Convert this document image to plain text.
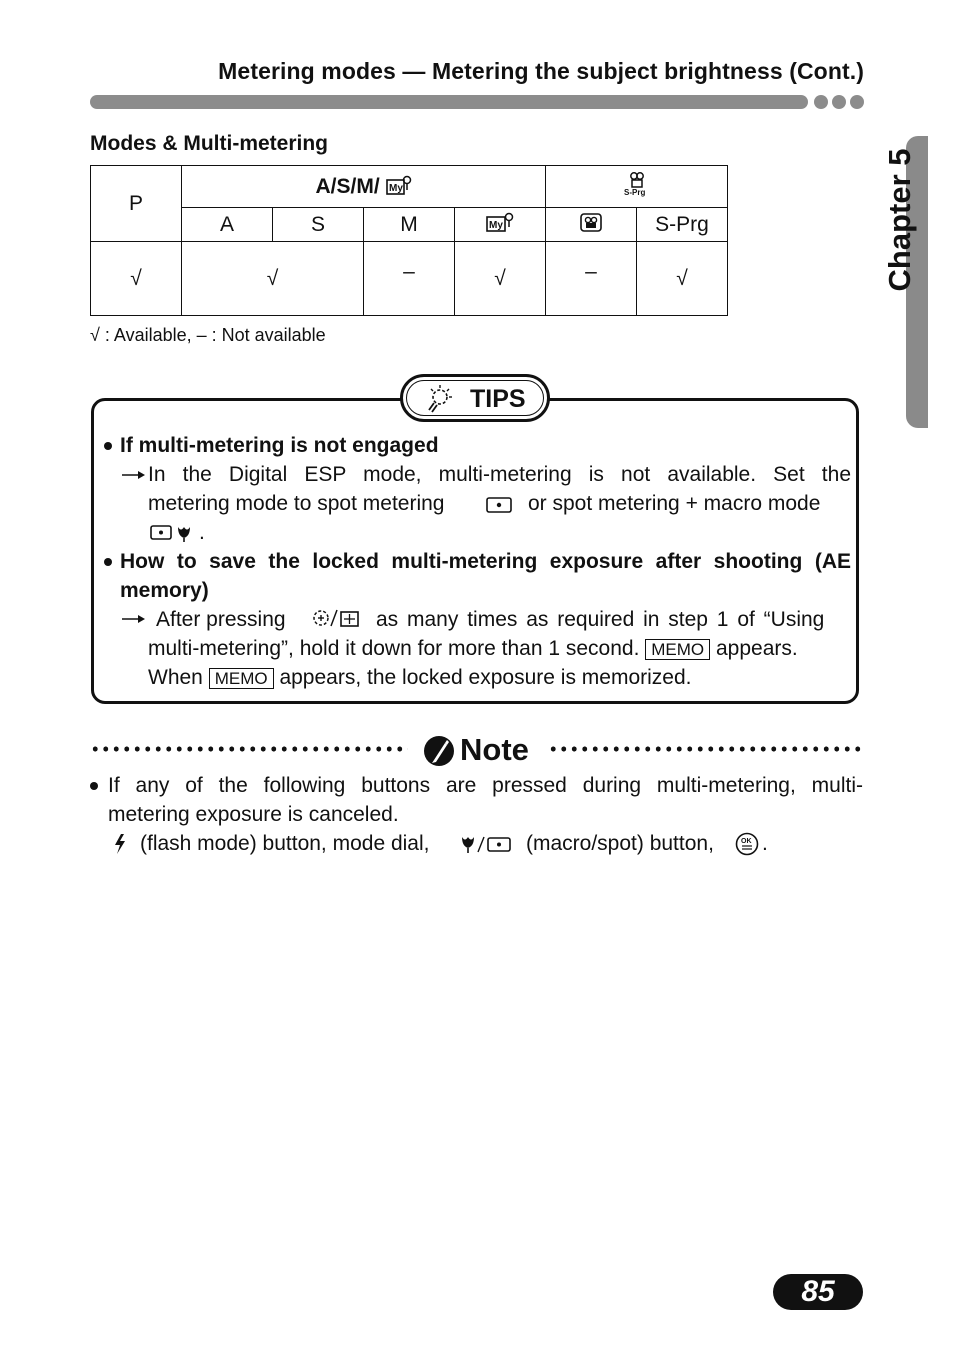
Metering modes — Metering the subject brightness (Cont.)
Chapter 5
Modes & Multi-metering
P	A/S/M/ My				S-Prg	

	A	S	M	My		S-Prg
√	√		–	√	–	√
√ : Available, – : Not available
TIPS
If multi-metering is not engaged
In the Digital ESP mode, multi-metering is not available. Set the
metering mode to spot metering	or spot metering + macro mode
.
How to save the locked multi-metering exposure after shooting (AE
memory)
After pressing	as many times as required in step 1 of “Using
multi-metering”, hold it down for more than 1 second. MEMO appears.
When MEMO appears, the locked exposure is memorized.
Note
If any of the following buttons are pressed during multi-metering, multi-
metering exposure is canceled.
(flash mode) button, mode dial,	(macro/spot) button,	OK .
85
